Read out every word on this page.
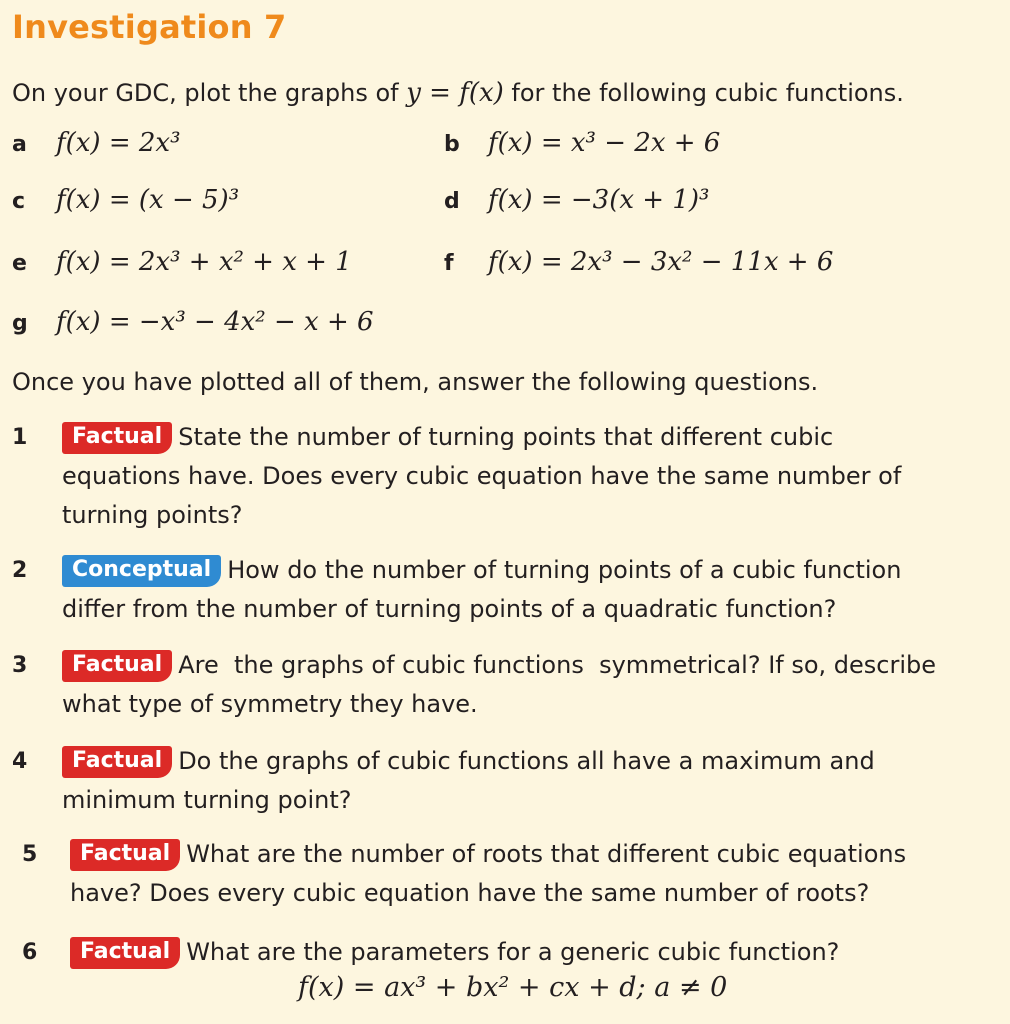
Investigation 7
On your GDC, plot the graphs of y = f(x) for the following cubic functions.
a	f(x) = 2x³	b	f(x) = x³ − 2x + 6
c	f(x) = (x − 5)³	d	f(x) = −3(x + 1)³
e	f(x) = 2x³ + x² + x + 1	f	f(x) = 2x³ − 3x² − 11x + 6
g	f(x) = −x³ − 4x² − x + 6
Once you have plotted all of them, answer the following questions.
1	Factual State the number of turning points that different cubic
equations have. Does every cubic equation have the same number of
turning points?
2	Conceptual How do the number of turning points of a cubic function
differ from the number of turning points of a quadratic function?
3	Factual Are  the graphs of cubic functions  symmetrical? If so, describe
what type of symmetry they have.
4	Factual Do the graphs of cubic functions all have a maximum and
minimum turning point?
5	Factual What are the number of roots that different cubic equations
have? Does every cubic equation have the same number of roots?
6	Factual What are the parameters for a generic cubic function?
f(x) = ax³ + bx² + cx + d; a ≠ 0
